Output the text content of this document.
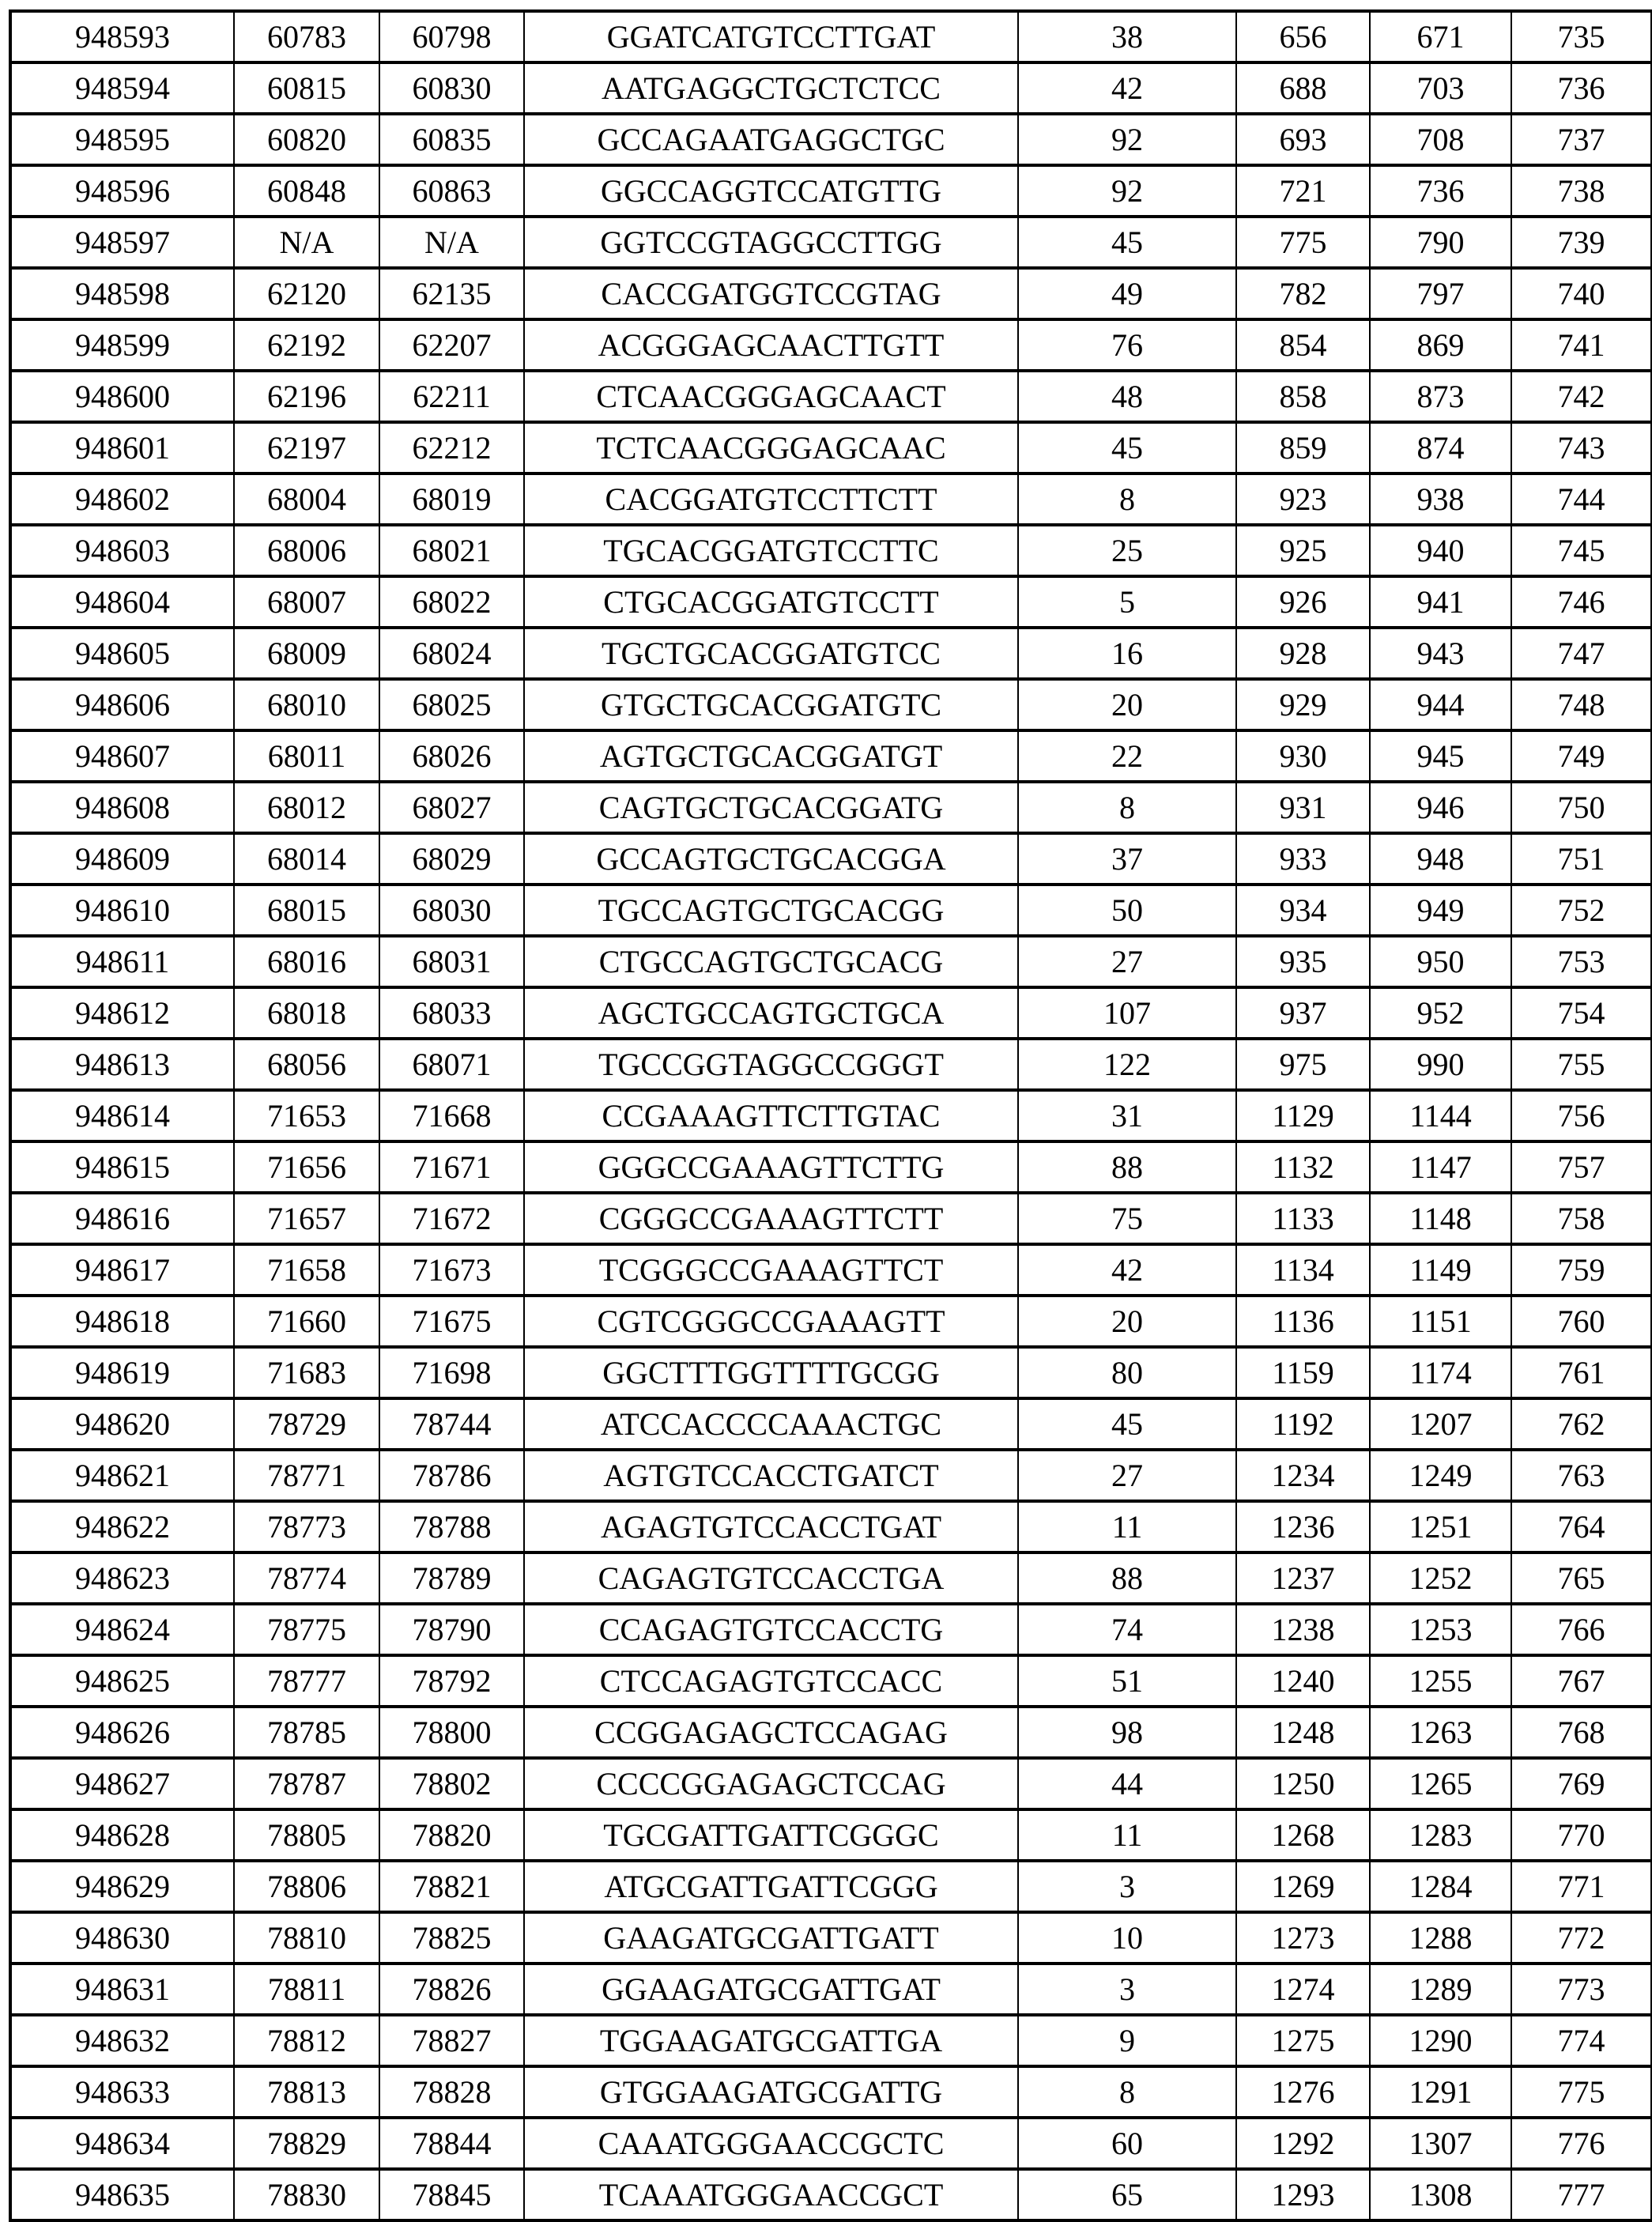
948593	60783	60798	GGATCATGTCCTTGAT	38	656	671	735
948594	60815	60830	AATGAGGCTGCTCTCC	42	688	703	736
948595	60820	60835	GCCAGAATGAGGCTGC	92	693	708	737
948596	60848	60863	GGCCAGGTCCATGTTG	92	721	736	738
948597	N/A	N/A	GGTCCGTAGGCCTTGG	45	775	790	739
948598	62120	62135	CACCGATGGTCCGTAG	49	782	797	740
948599	62192	62207	ACGGGAGCAACTTGTT	76	854	869	741
948600	62196	62211	CTCAACGGGAGCAACT	48	858	873	742
948601	62197	62212	TCTCAACGGGAGCAAC	45	859	874	743
948602	68004	68019	CACGGATGTCCTTCTT	8	923	938	744
948603	68006	68021	TGCACGGATGTCCTTC	25	925	940	745
948604	68007	68022	CTGCACGGATGTCCTT	5	926	941	746
948605	68009	68024	TGCTGCACGGATGTCC	16	928	943	747
948606	68010	68025	GTGCTGCACGGATGTC	20	929	944	748
948607	68011	68026	AGTGCTGCACGGATGT	22	930	945	749
948608	68012	68027	CAGTGCTGCACGGATG	8	931	946	750
948609	68014	68029	GCCAGTGCTGCACGGA	37	933	948	751
948610	68015	68030	TGCCAGTGCTGCACGG	50	934	949	752
948611	68016	68031	CTGCCAGTGCTGCACG	27	935	950	753
948612	68018	68033	AGCTGCCAGTGCTGCA	107	937	952	754
948613	68056	68071	TGCCGGTAGGCCGGGT	122	975	990	755
948614	71653	71668	CCGAAAGTTCTTGTAC	31	1129	1144	756
948615	71656	71671	GGGCCGAAAGTTCTTG	88	1132	1147	757
948616	71657	71672	CGGGCCGAAAGTTCTT	75	1133	1148	758
948617	71658	71673	TCGGGCCGAAAGTTCT	42	1134	1149	759
948618	71660	71675	CGTCGGGCCGAAAGTT	20	1136	1151	760
948619	71683	71698	GGCTTTGGTTTTGCGG	80	1159	1174	761
948620	78729	78744	ATCCACCCCAAACTGC	45	1192	1207	762
948621	78771	78786	AGTGTCCACCTGATCT	27	1234	1249	763
948622	78773	78788	AGAGTGTCCACCTGAT	11	1236	1251	764
948623	78774	78789	CAGAGTGTCCACCTGA	88	1237	1252	765
948624	78775	78790	CCAGAGTGTCCACCTG	74	1238	1253	766
948625	78777	78792	CTCCAGAGTGTCCACC	51	1240	1255	767
948626	78785	78800	CCGGAGAGCTCCAGAG	98	1248	1263	768
948627	78787	78802	CCCCGGAGAGCTCCAG	44	1250	1265	769
948628	78805	78820	TGCGATTGATTCGGGC	11	1268	1283	770
948629	78806	78821	ATGCGATTGATTCGGG	3	1269	1284	771
948630	78810	78825	GAAGATGCGATTGATT	10	1273	1288	772
948631	78811	78826	GGAAGATGCGATTGAT	3	1274	1289	773
948632	78812	78827	TGGAAGATGCGATTGA	9	1275	1290	774
948633	78813	78828	GTGGAAGATGCGATTG	8	1276	1291	775
948634	78829	78844	CAAATGGGAACCGCTC	60	1292	1307	776
948635	78830	78845	TCAAATGGGAACCGCT	65	1293	1308	777
